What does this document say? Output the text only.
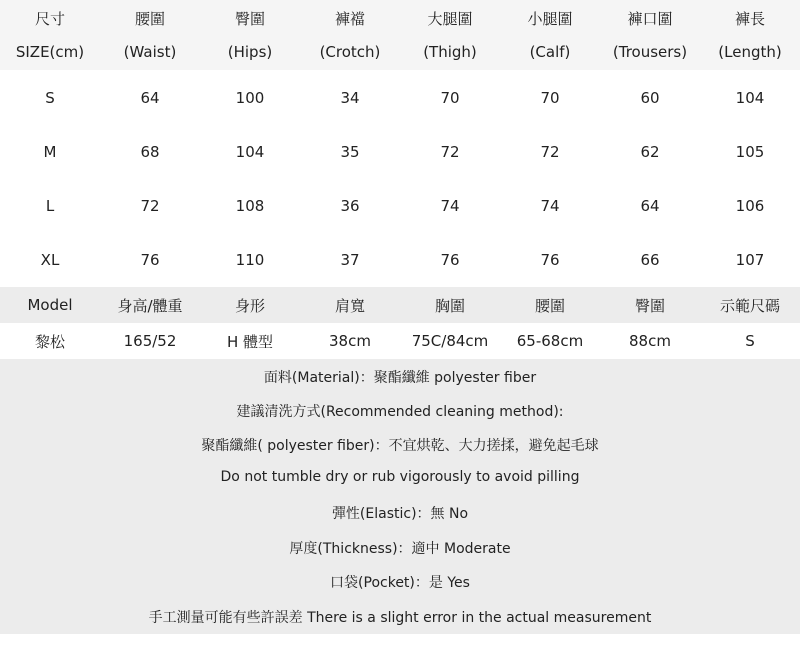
尺寸	腰圍	臀圍	褲襠	大腿圍	小腿圍	褲口圍	褲長
SIZE(cm)	(Waist)	(Hips)	(Crotch)	(Thigh)	(Calf)	(Trousers)	(Length)
S	64	100	34	70	70	60	104
M	68	104	35	72	72	62	105
L	72	108	36	74	74	64	106
XL	76	110	37	76	76	66	107
Model	身高/體重	身形	肩寬	胸圍	腰圍	臀圍	示範尺碼
黎松	165/52	H 體型	38cm	75C/84cm	65-68cm	88cm	S
面料(Material)：聚酯纖維 polyester fiber
建議清洗方式(Recommended cleaning method):
聚酯纖維( polyester fiber)：不宜烘乾、大力搓揉，避免起毛球
Do not tumble dry or rub vigorously to avoid pilling
彈性(Elastic)：無 No
厚度(Thickness)：適中 Moderate
口袋(Pocket)：是 Yes
手工測量可能有些許誤差 There is a slight error in the actual measurement
